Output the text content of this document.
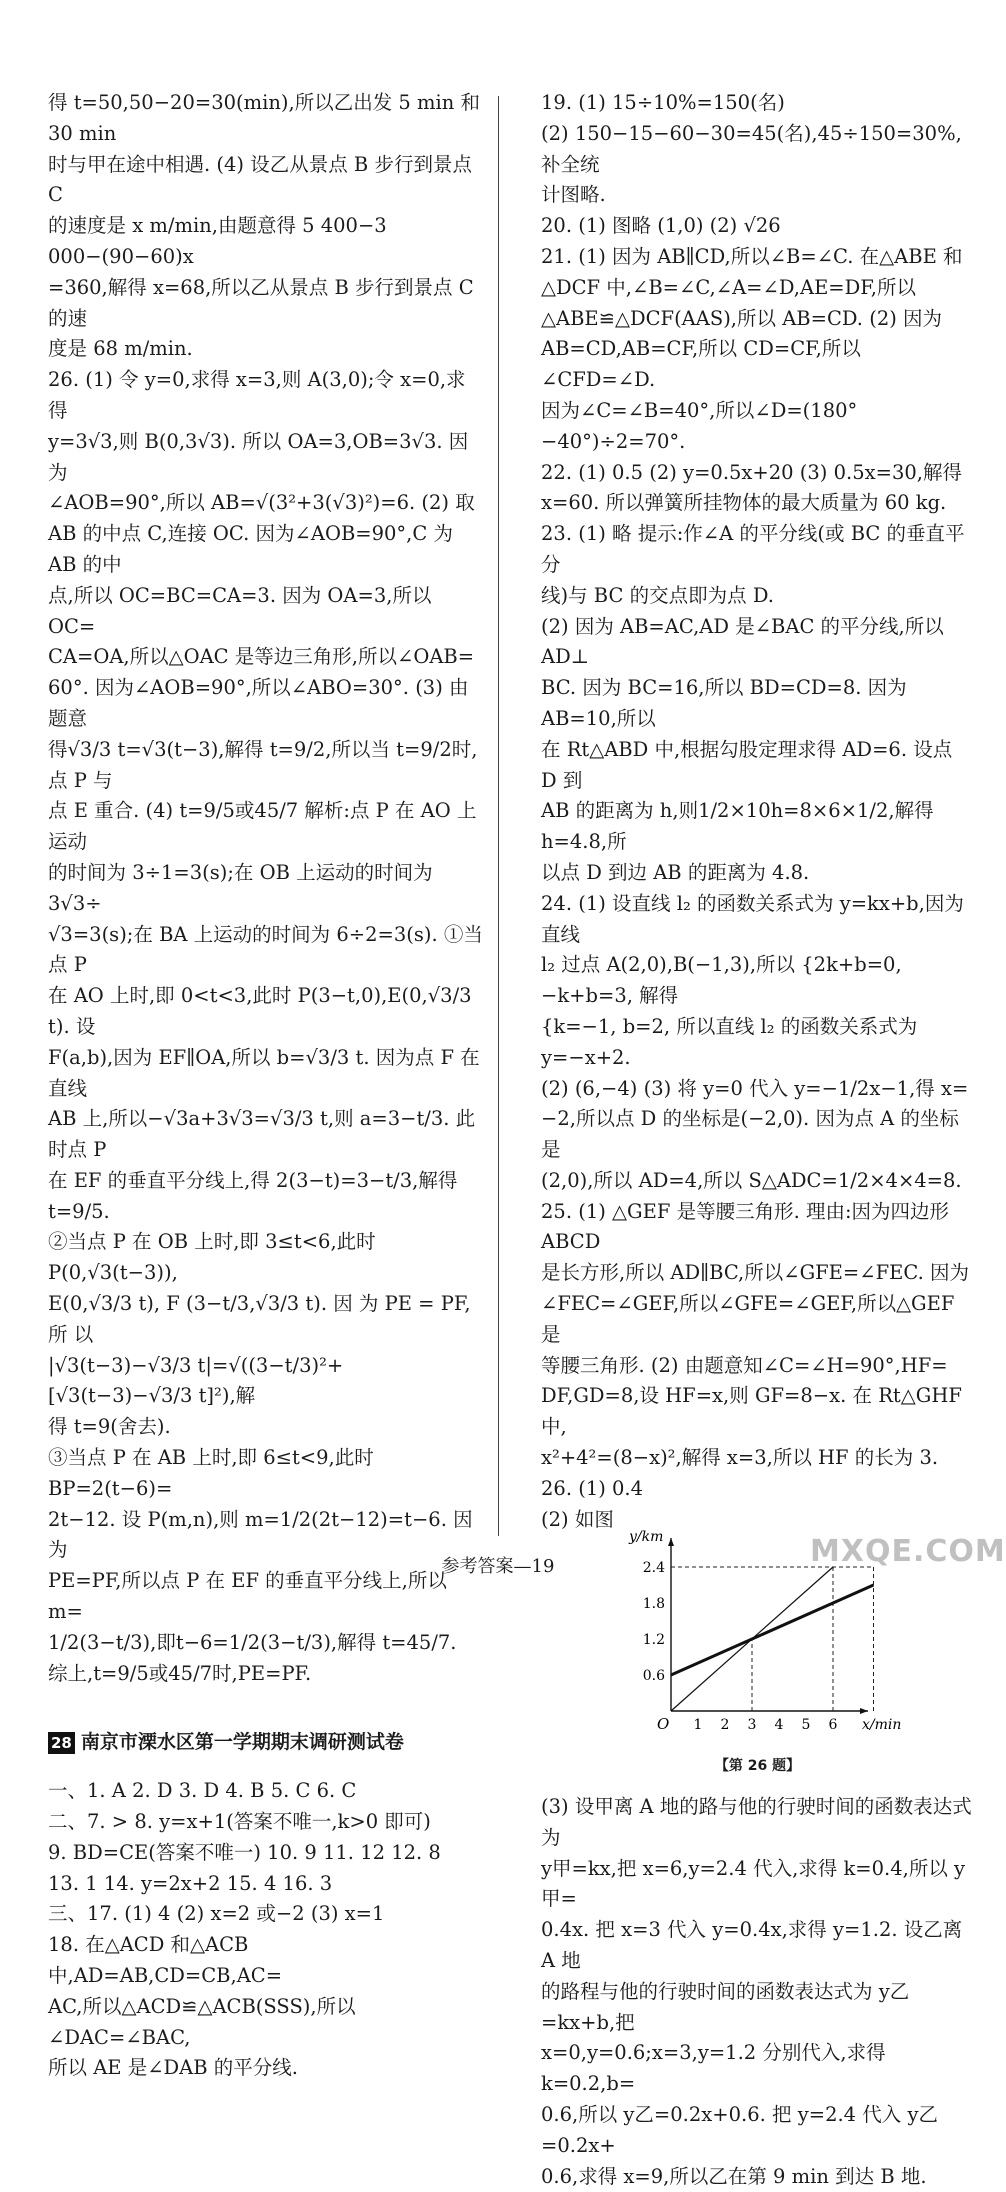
得 t=50,50−20=30(min),所以乙出发 5 min 和 30 min

时与甲在途中相遇. (4) 设乙从景点 B 步行到景点 C

的速度是 x m/min,由题意得 5 400−3 000−(90−60)x

=360,解得 x=68,所以乙从景点 B 步行到景点 C 的速

度是 68 m/min.

26. (1) 令 y=0,求得 x=3,则 A(3,0);令 x=0,求得

y=3√3,则 B(0,3√3). 所以 OA=3,OB=3√3. 因为

∠AOB=90°,所以 AB=√(3²+3(√3)²)=6. (2) 取

AB 的中点 C,连接 OC. 因为∠AOB=90°,C 为 AB 的中

点,所以 OC=BC=CA=3. 因为 OA=3,所以 OC=

CA=OA,所以△OAC 是等边三角形,所以∠OAB=

60°. 因为∠AOB=90°,所以∠ABO=30°. (3) 由题意

得√3/3 t=√3(t−3),解得 t=9/2,所以当 t=9/2时,点 P 与

点 E 重合. (4) t=9/5或45/7 解析:点 P 在 AO 上运动

的时间为 3÷1=3(s);在 OB 上运动的时间为 3√3÷

√3=3(s);在 BA 上运动的时间为 6÷2=3(s). ①当点 P

在 AO 上时,即 0<t<3,此时 P(3−t,0),E(0,√3/3 t). 设

F(a,b),因为 EF∥OA,所以 b=√3/3 t. 因为点 F 在直线

AB 上,所以−√3a+3√3=√3/3 t,则 a=3−t/3. 此时点 P

在 EF 的垂直平分线上,得 2(3−t)=3−t/3,解得

t=9/5.

②当点 P 在 OB 上时,即 3≤t<6,此时 P(0,√3(t−3)),

E(0,√3/3 t), F (3−t/3,√3/3 t). 因 为 PE = PF, 所 以

|√3(t−3)−√3/3 t|=√((3−t/3)²+[√3(t−3)−√3/3 t]²),解

得 t=9(舍去).

③当点 P 在 AB 上时,即 6≤t<9,此时 BP=2(t−6)=

2t−12. 设 P(m,n),则 m=1/2(2t−12)=t−6. 因为

PE=PF,所以点 P 在 EF 的垂直平分线上,所以 m=

1/2(3−t/3),即t−6=1/2(3−t/3),解得 t=45/7.

综上,t=9/5或45/7时,PE=PF.

28 南京市溧水区第一学期期末调研测试卷

一、1. A 2. D 3. D 4. B 5. C 6. C

二、7. > 8. y=x+1(答案不唯一,k>0 即可)

9. BD=CE(答案不唯一) 10. 9 11. 12 12. 8

13. 1 14. y=2x+2 15. 4 16. 3

三、17. (1) 4 (2) x=2 或−2 (3) x=1

18. 在△ACD 和△ACB 中,AD=AB,CD=CB,AC=

AC,所以△ACD≌△ACB(SSS),所以∠DAC=∠BAC,

所以 AE 是∠DAB 的平分线.

19. (1) 15÷10%=150(名)

(2) 150−15−60−30=45(名),45÷150=30%,补全统

计图略.

20. (1) 图略 (1,0) (2) √26

21. (1) 因为 AB∥CD,所以∠B=∠C. 在△ABE 和

△DCF 中,∠B=∠C,∠A=∠D,AE=DF,所以

△ABE≌△DCF(AAS),所以 AB=CD. (2) 因为

AB=CD,AB=CF,所以 CD=CF,所以∠CFD=∠D.

因为∠C=∠B=40°,所以∠D=(180°−40°)÷2=70°.

22. (1) 0.5 (2) y=0.5x+20 (3) 0.5x=30,解得

x=60. 所以弹簧所挂物体的最大质量为 60 kg.

23. (1) 略 提示:作∠A 的平分线(或 BC 的垂直平分

线)与 BC 的交点即为点 D.

(2) 因为 AB=AC,AD 是∠BAC 的平分线,所以 AD⊥

BC. 因为 BC=16,所以 BD=CD=8. 因为 AB=10,所以

在 Rt△ABD 中,根据勾股定理求得 AD=6. 设点 D 到

AB 的距离为 h,则1/2×10h=8×6×1/2,解得 h=4.8,所

以点 D 到边 AB 的距离为 4.8.

24. (1) 设直线 l₂ 的函数关系式为 y=kx+b,因为直线

l₂ 过点 A(2,0),B(−1,3),所以 {2k+b=0, −k+b=3, 解得

{k=−1, b=2, 所以直线 l₂ 的函数关系式为 y=−x+2.

(2) (6,−4) (3) 将 y=0 代入 y=−1/2x−1,得 x=

−2,所以点 D 的坐标是(−2,0). 因为点 A 的坐标是

(2,0),所以 AD=4,所以 S△ADC=1/2×4×4=8.

25. (1) △GEF 是等腰三角形. 理由:因为四边形 ABCD

是长方形,所以 AD∥BC,所以∠GFE=∠FEC. 因为

∠FEC=∠GEF,所以∠GFE=∠GEF,所以△GEF 是

等腰三角形. (2) 由题意知∠C=∠H=90°,HF=

DF,GD=8,设 HF=x,则 GF=8−x. 在 Rt△GHF 中,

x²+4²=(8−x)²,解得 x=3,所以 HF 的长为 3.

26. (1) 0.4

(2) 如图

1 2 3 4 5 6
0.6
1.2
1.8
2.4
O	x/min
y/km
【第 26 题】

(3) 设甲离 A 地的路与他的行驶时间的函数表达式为

y甲=kx,把 x=6,y=2.4 代入,求得 k=0.4,所以 y甲=

0.4x. 把 x=3 代入 y=0.4x,求得 y=1.2. 设乙离 A 地

的路程与他的行驶时间的函数表达式为 y乙=kx+b,把

x=0,y=0.6;x=3,y=1.2 分别代入,求得 k=0.2,b=

0.6,所以 y乙=0.2x+0.6. 把 y=2.4 代入 y乙=0.2x+

0.6,求得 x=9,所以乙在第 9 min 到达 B 地.

参考答案—19	MXQE.COM
